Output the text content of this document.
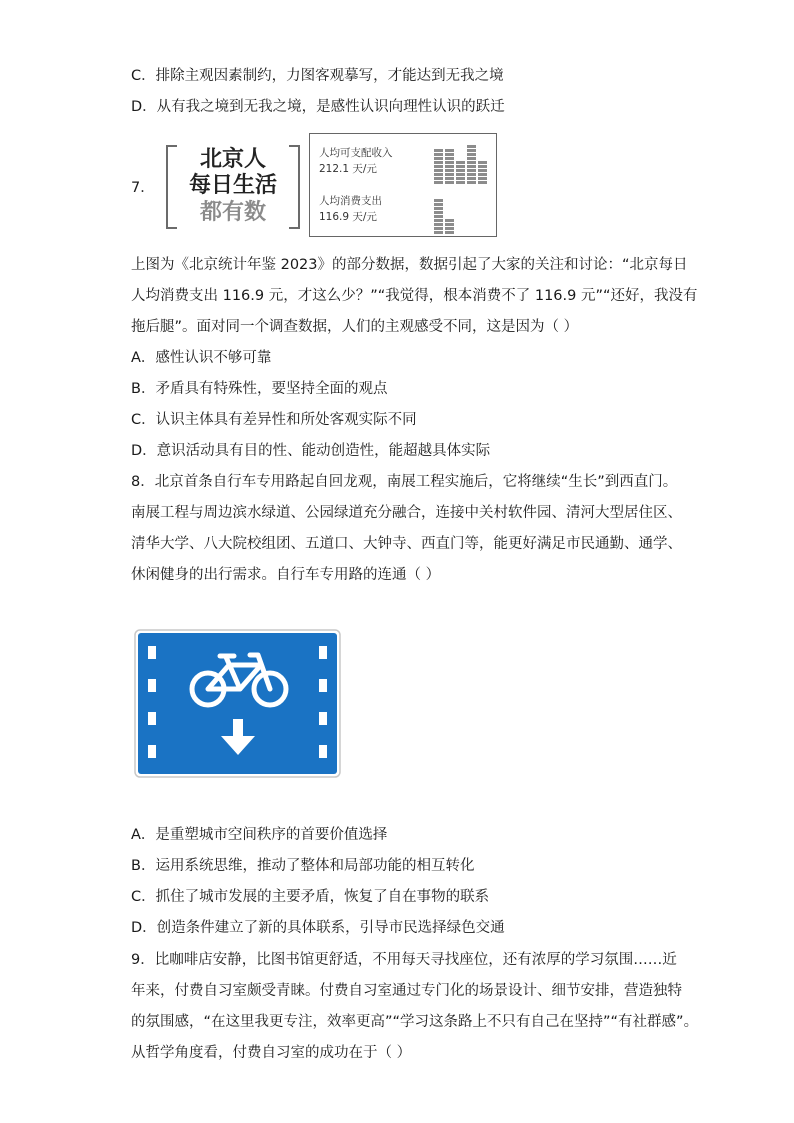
C．排除主观因素制约，力图客观摹写，才能达到无我之境
D．从有我之境到无我之境，是感性认识向理性认识的跃迁
7．
北京人
每日生活
都有数
人均可支配收入
212.1 天/元
人均消费支出
116.9 天/元
上图为《北京统计年鉴 2023》的部分数据，数据引起了大家的关注和讨论：“北京每日
人均消费支出 116.9 元，才这么少？”“我觉得，根本消费不了 116.9 元”“还好，我没有
拖后腿”。面对同一个调查数据，人们的主观感受不同，这是因为（ ）
A．感性认识不够可靠
B．矛盾具有特殊性，要坚持全面的观点
C．认识主体具有差异性和所处客观实际不同
D．意识活动具有目的性、能动创造性，能超越具体实际
8．北京首条自行车专用路起自回龙观，南展工程实施后，它将继续“生长”到西直门。
南展工程与周边滨水绿道、公园绿道充分融合，连接中关村软件园、清河大型居住区、
清华大学、八大院校组团、五道口、大钟寺、西直门等，能更好满足市民通勤、通学、
休闲健身的出行需求。自行车专用路的连通（ ）
A．是重塑城市空间秩序的首要价值选择
B．运用系统思维，推动了整体和局部功能的相互转化
C．抓住了城市发展的主要矛盾，恢复了自在事物的联系
D．创造条件建立了新的具体联系，引导市民选择绿色交通
9．比咖啡店安静，比图书馆更舒适，不用每天寻找座位，还有浓厚的学习氛围……近
年来，付费自习室颇受青睐。付费自习室通过专门化的场景设计、细节安排，营造独特
的氛围感，“在这里我更专注，效率更高”“学习这条路上不只有自己在坚持”“有社群感”。
从哲学角度看，付费自习室的成功在于（ ）
